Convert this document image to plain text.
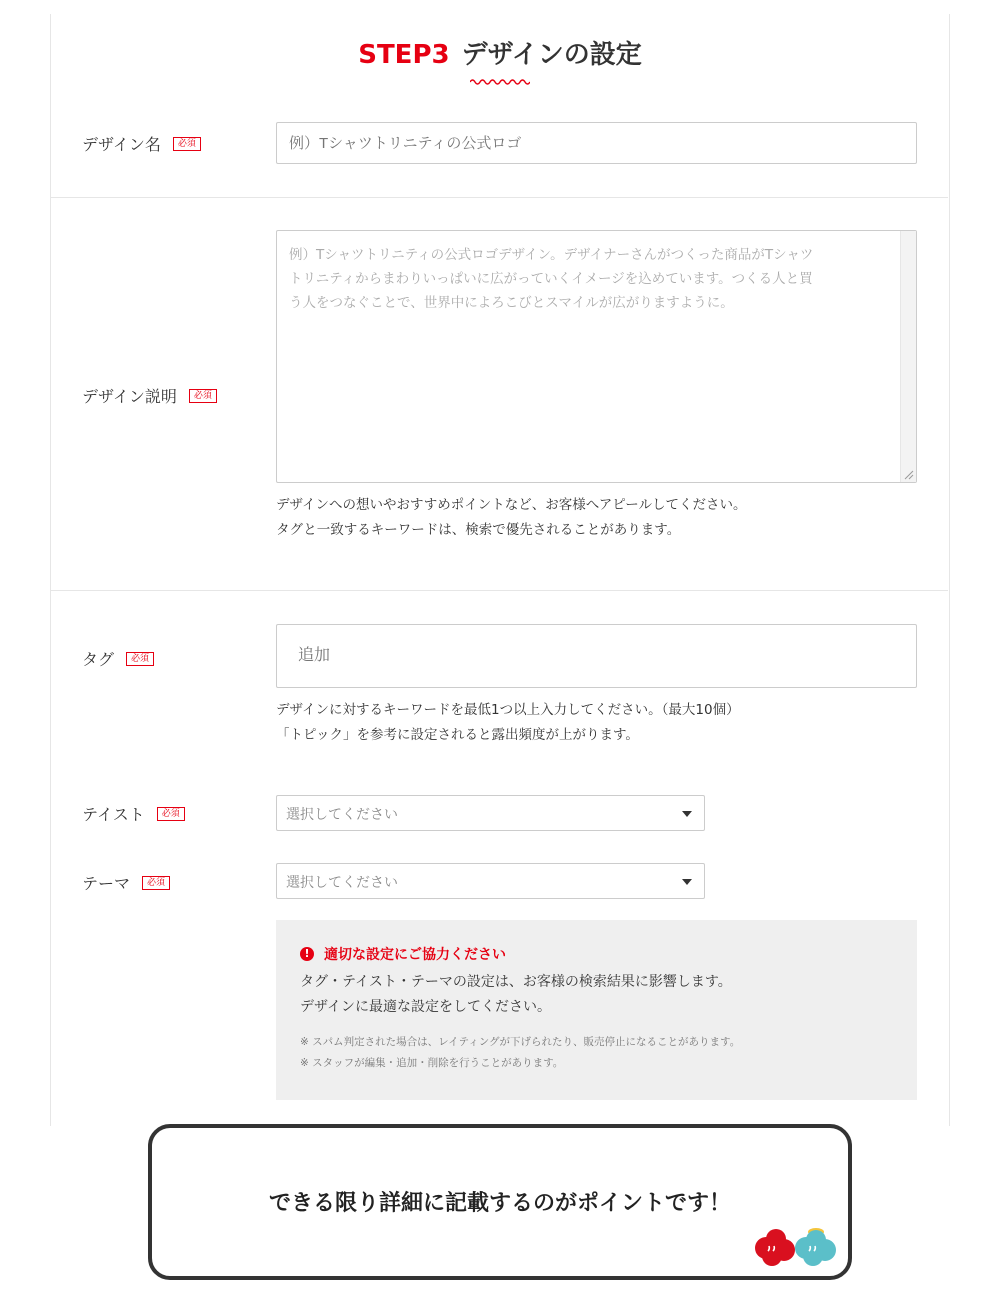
STEP3 デザインの設定
デザイン名	必須
例）Tシャツトリニティの公式ロゴ
デザイン説明	必須
例）Tシャツトリニティの公式ロゴデザイン。デザイナーさんがつくった商品がTシャツ
トリニティからまわりいっぱいに広がっていくイメージを込めています。つくる人と買
う人をつなぐことで、世界中によろこびとスマイルが広がりますように。
デザインへの想いやおすすめポイントなど、お客様へアピールしてください。
タグと一致するキーワードは、検索で優先されることがあります。
タグ	必須
追加
デザインに対するキーワードを最低1つ以上入力してください。（最大10個）
「トピック」を参考に設定されると露出頻度が上がります。
テイスト	必須	選択してください
テーマ	必須	選択してください
!	適切な設定にご協力ください
タグ・テイスト・テーマの設定は、お客様の検索結果に影響します。
デザインに最適な設定をしてください。
※ スパム判定された場合は、レイティングが下げられたり、販売停止になることがあります。
※ スタッフが編集・追加・削除を行うことがあります。
できる限り詳細に記載するのがポイントです！
